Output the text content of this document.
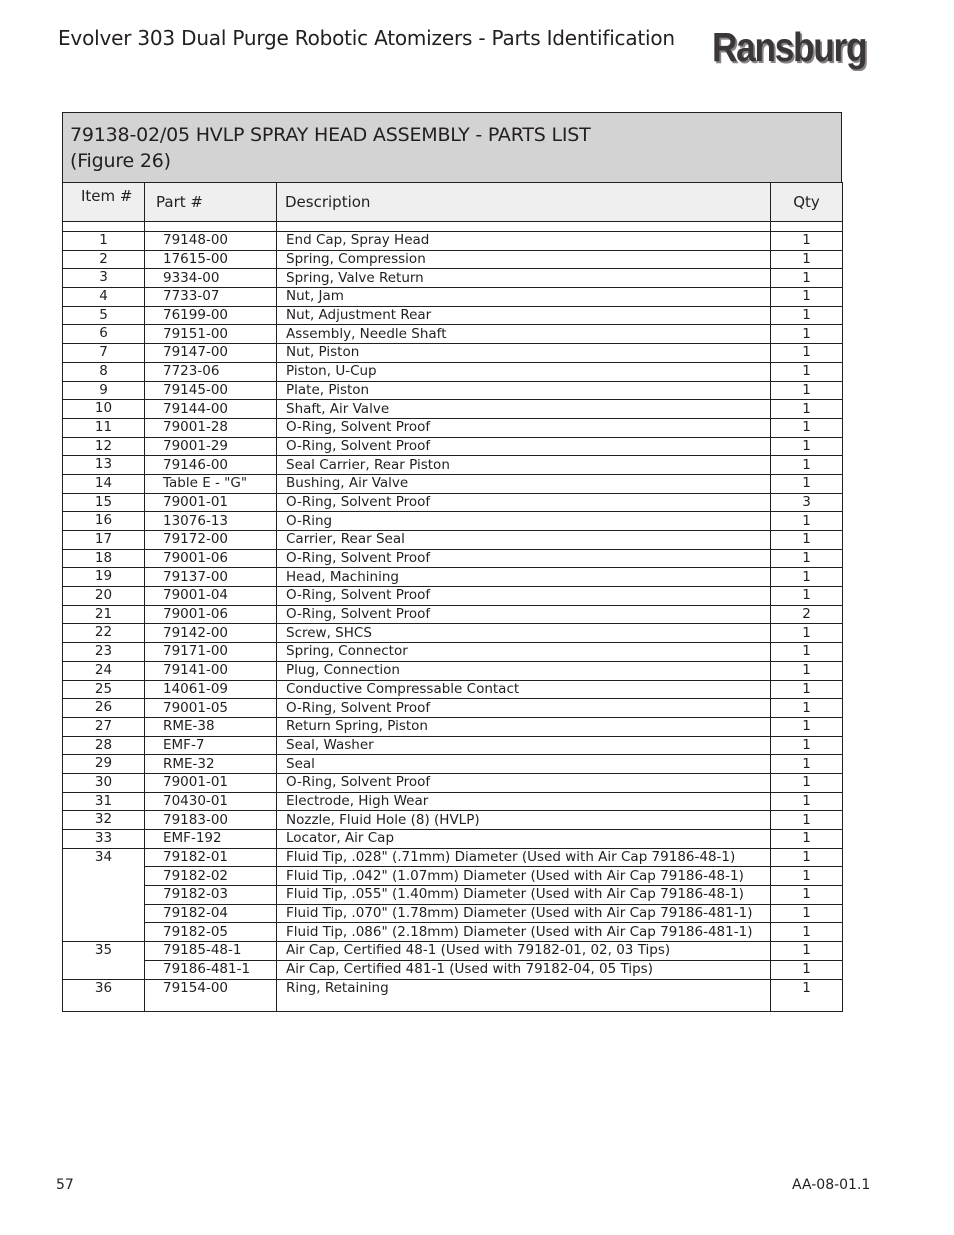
Evolver 303 Dual Purge Robotic Atomizers - Parts Identification Ransburg
79138-02/05 HVLP SPRAY HEAD ASSEMBLY - PARTS LIST
(Figure 26)
Item #	Part #	Description	Qty

1	79148-00	End Cap, Spray Head	1
2	17615-00	Spring, Compression	1
3	9334-00	Spring, Valve Return	1
4	7733-07	Nut, Jam	1
5	76199-00	Nut, Adjustment Rear	1
6	79151-00	Assembly, Needle Shaft	1
7	79147-00	Nut, Piston	1
8	7723-06	Piston, U-Cup	1
9	79145-00	Plate, Piston	1
10	79144-00	Shaft, Air Valve	1
11	79001-28	O-Ring, Solvent Proof	1
12	79001-29	O-Ring, Solvent Proof	1
13	79146-00	Seal Carrier, Rear Piston	1
14	Table E - "G"	Bushing, Air Valve	1
15	79001-01	O-Ring, Solvent Proof	3
16	13076-13	O-Ring	1
17	79172-00	Carrier, Rear Seal	1
18	79001-06	O-Ring, Solvent Proof	1
19	79137-00	Head, Machining	1
20	79001-04	O-Ring, Solvent Proof	1
21	79001-06	O-Ring, Solvent Proof	2
22	79142-00	Screw, SHCS	1
23	79171-00	Spring, Connector	1
24	79141-00	Plug, Connection	1
25	14061-09	Conductive Compressable Contact	1
26	79001-05	O-Ring, Solvent Proof	1
27	RME-38	Return Spring, Piston	1
28	EMF-7	Seal, Washer	1
29	RME-32	Seal	1
30	79001-01	O-Ring, Solvent Proof	1
31	70430-01	Electrode, High Wear	1
32	79183-00	Nozzle, Fluid Hole (8) (HVLP)	1
33	EMF-192	Locator, Air Cap	1
34	79182-01	Fluid Tip, .028" (.71mm) Diameter (Used with Air Cap 79186-48-1)	1
	79182-02	Fluid Tip, .042" (1.07mm) Diameter (Used with Air Cap 79186-48-1)	1
	79182-03	Fluid Tip, .055" (1.40mm) Diameter (Used with Air Cap 79186-48-1)	1
	79182-04	Fluid Tip, .070" (1.78mm) Diameter (Used with Air Cap 79186-481-1)	1
	79182-05	Fluid Tip, .086" (2.18mm) Diameter (Used with Air Cap 79186-481-1)	1
35	79185-48-1	Air Cap, Certified 48-1 (Used with 79182-01, 02, 03 Tips)	1
	79186-481-1	Air Cap, Certified 481-1 (Used with 79182-04, 05 Tips)	1
36	79154-00	Ring, Retaining	1

57	AA-08-01.1
